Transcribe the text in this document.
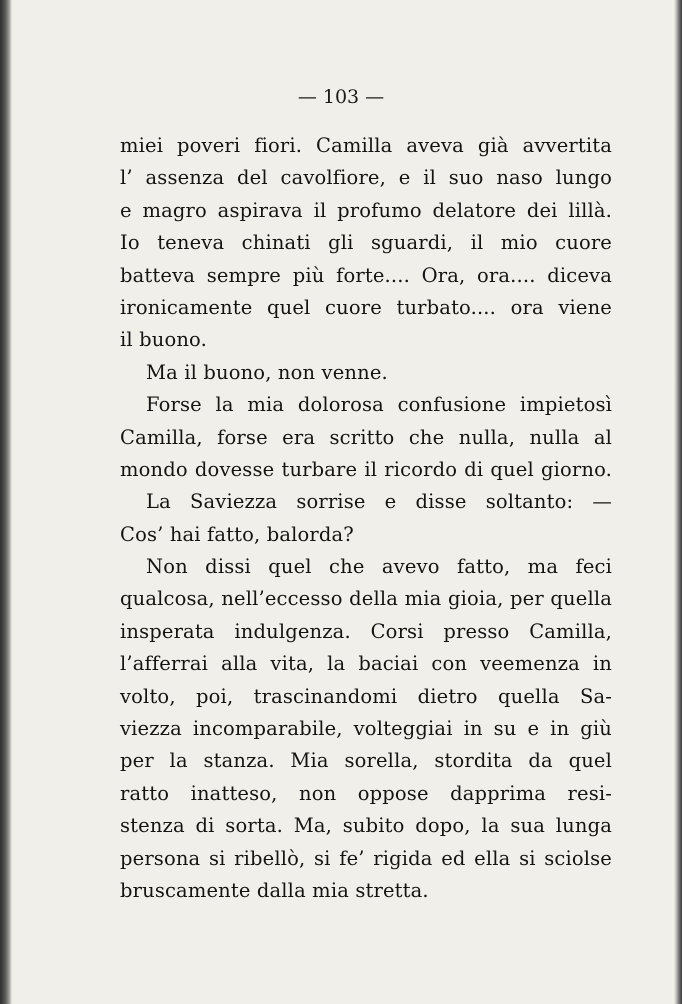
— 103 —
miei poveri fiori. Camilla aveva già avvertita
l’ assenza del cavolfiore, e il suo naso lungo
e magro aspirava il profumo delatore dei lillà.
Io teneva chinati gli sguardi, il mio cuore
batteva sempre più forte.... Ora, ora.... diceva
ironicamente quel cuore turbato.... ora viene
il buono.
Ma il buono, non venne.
Forse la mia dolorosa confusione impietosì
Camilla, forse era scritto che nulla, nulla al
mondo dovesse turbare il ricordo di quel giorno.
La Saviezza sorrise e disse soltanto: —
Cos’ hai fatto, balorda?
Non dissi quel che avevo fatto, ma feci
qualcosa, nell’eccesso della mia gioia, per quella
insperata indulgenza. Corsi presso Camilla,
l’afferrai alla vita, la baciai con veemenza in
volto, poi, trascinandomi dietro quella Sa-
viezza incomparabile, volteggiai in su e in giù
per la stanza. Mia sorella, stordita da quel
ratto inatteso, non oppose dapprima resi-
stenza di sorta. Ma, subito dopo, la sua lunga
persona si ribellò, si fe’ rigida ed ella si sciolse
bruscamente dalla mia stretta.
